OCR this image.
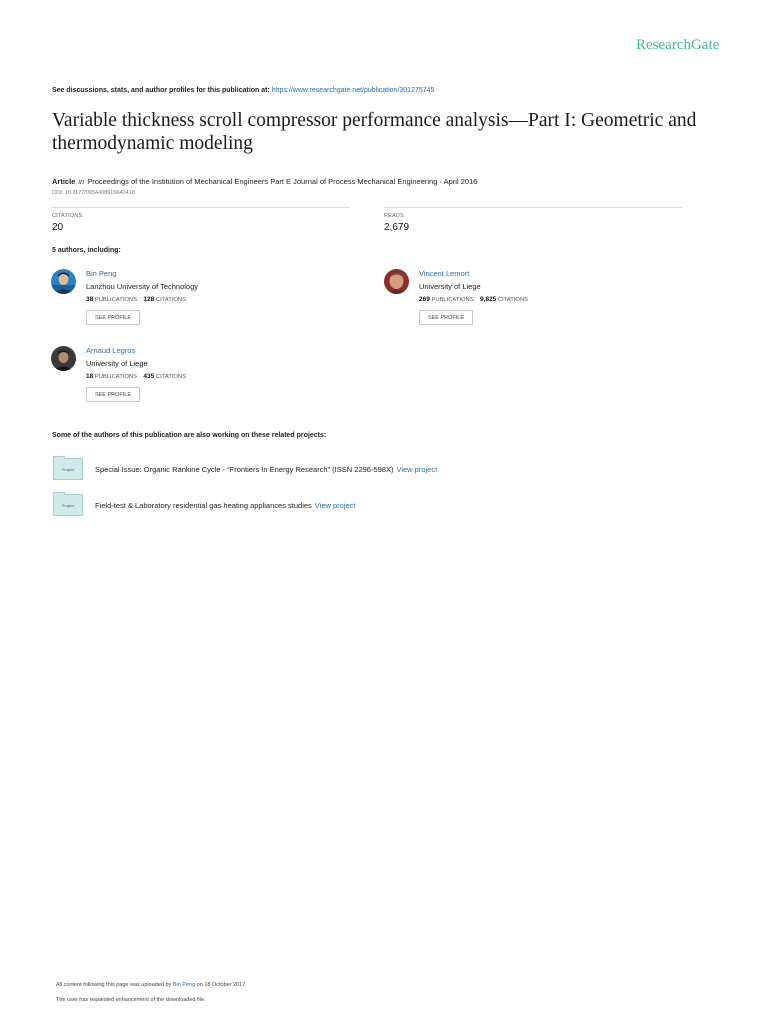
ResearchGate
See discussions, stats, and author profiles for this publication at: https://www.researchgate.net/publication/301275745
Variable thickness scroll compressor performance analysis—Part I: Geometric and thermodynamic modeling
Article in Proceedings of the Institution of Mechanical Engineers Part E Journal of Process Mechanical Engineering · April 2016
DOI: 10.1177/0954408916640418
CITATIONS
20
READS
2,679
5 authors, including:
Bin Peng
Lanzhou University of Technology
38 PUBLICATIONS 128 CITATIONS
SEE PROFILE
Vincent Lemort
University of Liege
269 PUBLICATIONS 9,825 CITATIONS
SEE PROFILE
Arnaud Legros
University of Liege
18 PUBLICATIONS 435 CITATIONS
SEE PROFILE
Some of the authors of this publication are also working on these related projects:
Project	Special Issue: Organic Rankine Cycle - “Frontiers In Energy Research” (ISSN 2296-598X) View project
Project	Field-test & Laboratory residential gas heating appliances studies View project
All content following this page was uploaded by Bin Peng on 18 October 2017.
The user has requested enhancement of the downloaded file.
